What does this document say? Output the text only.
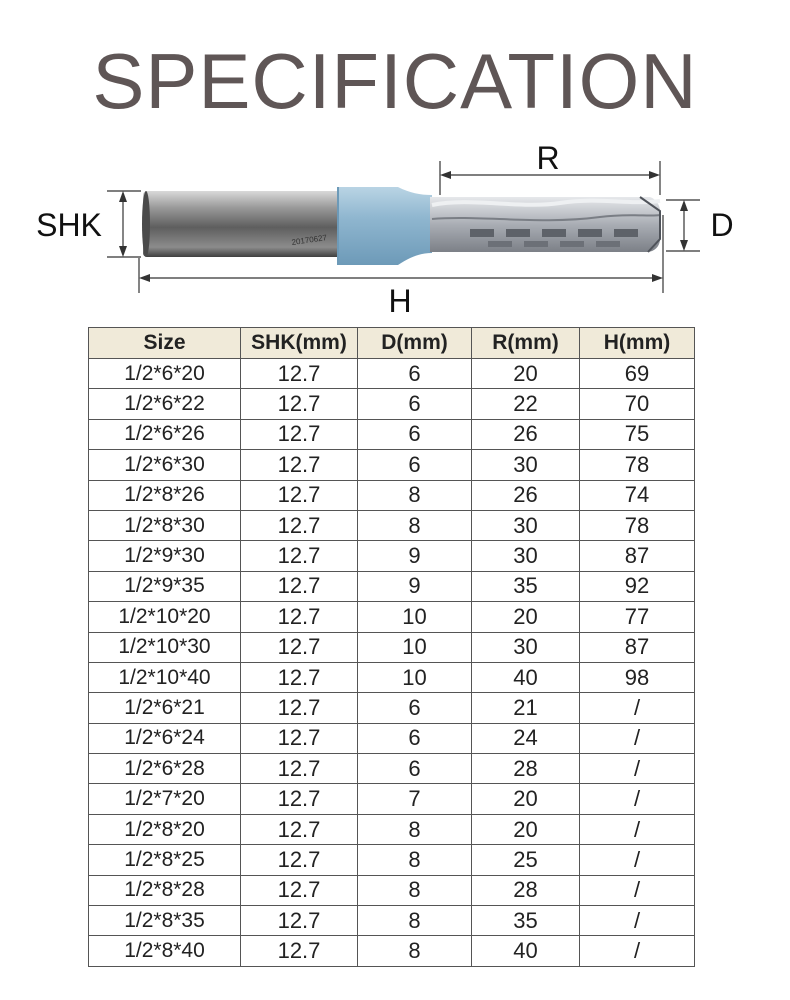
SPECIFICATION
H
R
SHK	D
20170627
Size	SHK(mm)	D(mm)	R(mm)	H(mm)
1/2*6*20	12.7	6	20	69
1/2*6*22	12.7	6	22	70
1/2*6*26	12.7	6	26	75
1/2*6*30	12.7	6	30	78
1/2*8*26	12.7	8	26	74
1/2*8*30	12.7	8	30	78
1/2*9*30	12.7	9	30	87
1/2*9*35	12.7	9	35	92
1/2*10*20	12.7	10	20	77
1/2*10*30	12.7	10	30	87
1/2*10*40	12.7	10	40	98
1/2*6*21	12.7	6	21	/
1/2*6*24	12.7	6	24	/
1/2*6*28	12.7	6	28	/
1/2*7*20	12.7	7	20	/
1/2*8*20	12.7	8	20	/
1/2*8*25	12.7	8	25	/
1/2*8*28	12.7	8	28	/
1/2*8*35	12.7	8	35	/
1/2*8*40	12.7	8	40	/
